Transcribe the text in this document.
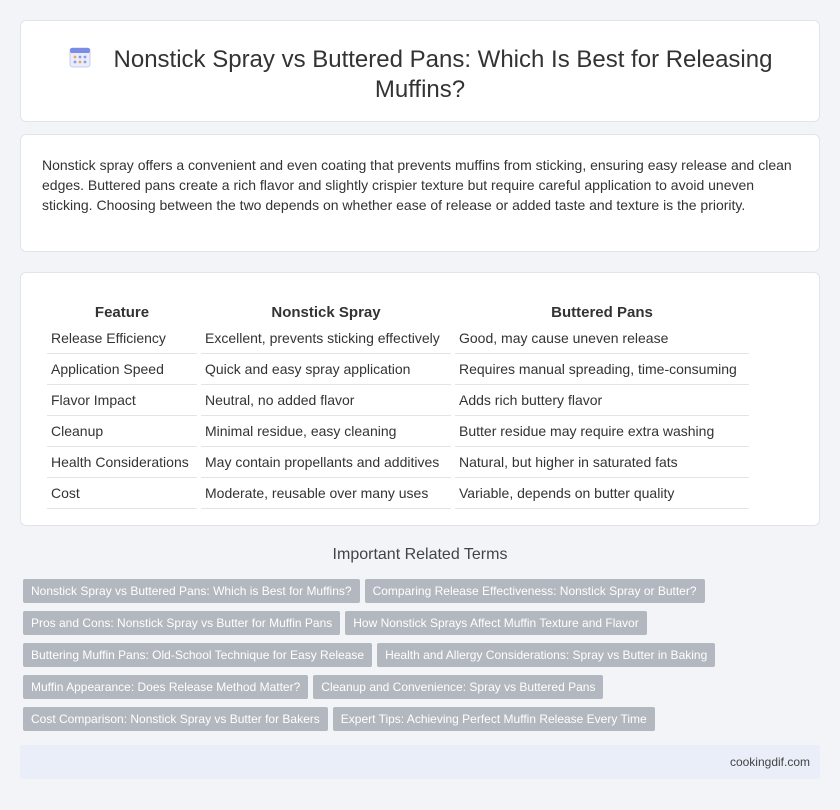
Nonstick Spray vs Buttered Pans: Which Is Best for Releasing Muffins?

Nonstick spray offers a convenient and even coating that prevents muffins from sticking, ensuring easy release and clean edges. Buttered pans create a rich flavor and slightly crispier texture but require careful application to avoid uneven sticking. Choosing between the two depends on whether ease of release or added taste and texture is the priority.

Feature	Nonstick Spray	Buttered Pans
Release Efficiency	Excellent, prevents sticking effectively	Good, may cause uneven release
Application Speed	Quick and easy spray application	Requires manual spreading, time-consuming
Flavor Impact	Neutral, no added flavor	Adds rich buttery flavor
Cleanup	Minimal residue, easy cleaning	Butter residue may require extra washing
Health Considerations	May contain propellants and additives	Natural, but higher in saturated fats
Cost	Moderate, reusable over many uses	Variable, depends on butter quality
Important Related Terms
Nonstick Spray vs Buttered Pans: Which is Best for Muffins? Comparing Release Effectiveness: Nonstick Spray or Butter?
Pros and Cons: Nonstick Spray vs Butter for Muffin Pans How Nonstick Sprays Affect Muffin Texture and Flavor
Buttering Muffin Pans: Old-School Technique for Easy Release Health and Allergy Considerations: Spray vs Butter in Baking
Muffin Appearance: Does Release Method Matter? Cleanup and Convenience: Spray vs Buttered Pans
Cost Comparison: Nonstick Spray vs Butter for Bakers Expert Tips: Achieving Perfect Muffin Release Every Time
cookingdif.com
